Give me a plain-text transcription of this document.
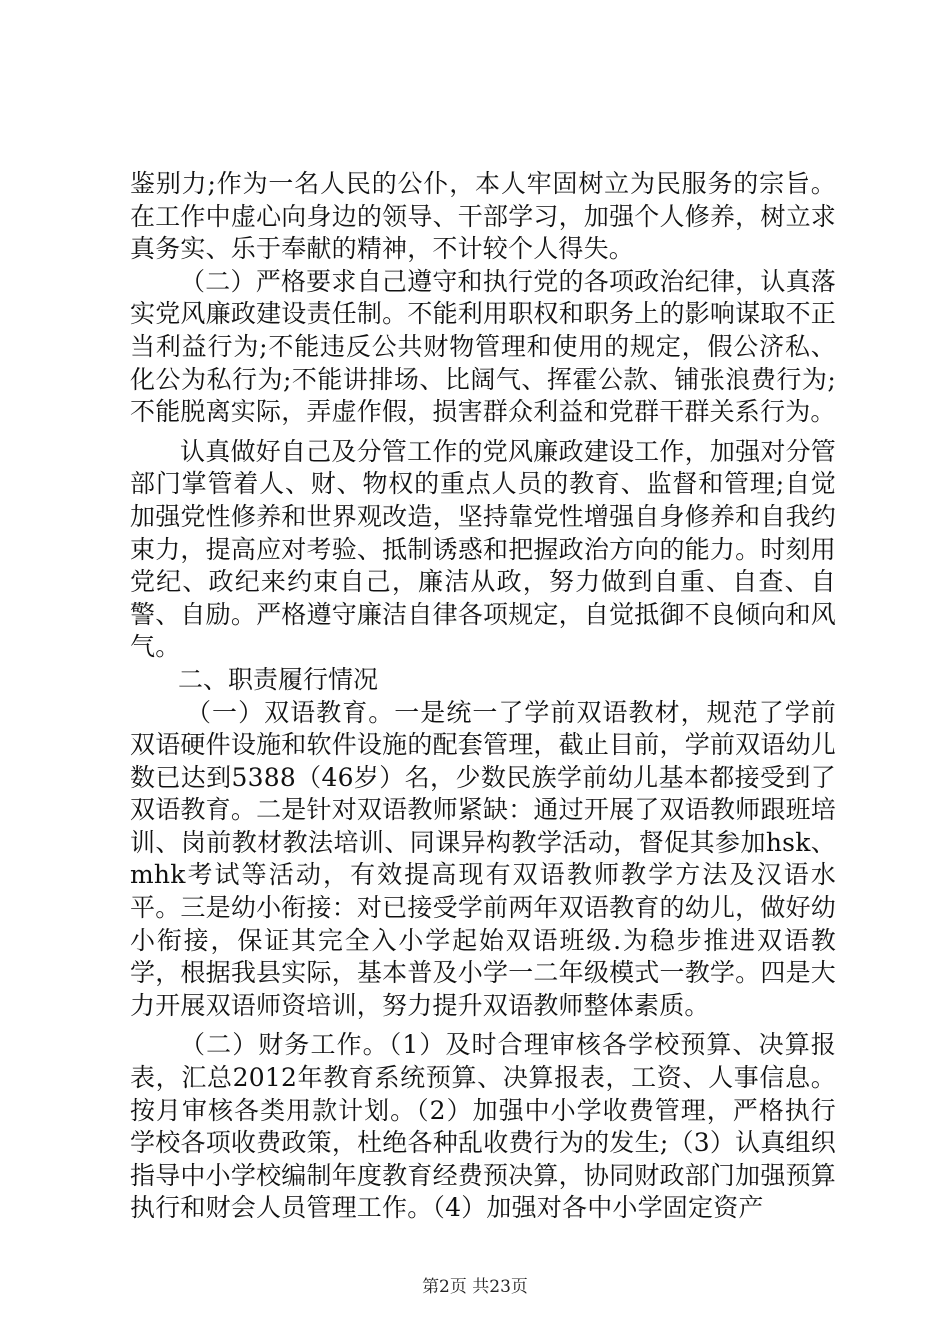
鉴别力;作为一名人民的公仆，本人牢固树立为民服务的宗旨。在工作中虚心向身边的领导、干部学习，加强个人修养，树立求真务实、乐于奉献的精神，不计较个人得失。

（二）严格要求自己遵守和执行党的各项政治纪律，认真落实党风廉政建设责任制。不能利用职权和职务上的影响谋取不正当利益行为;不能违反公共财物管理和使用的规定，假公济私、化公为私行为;不能讲排场、比阔气、挥霍公款、铺张浪费行为;不能脱离实际，弄虚作假，损害群众利益和党群干群关系行为。

认真做好自己及分管工作的党风廉政建设工作，加强对分管部门掌管着人、财、物权的重点人员的教育、监督和管理;自觉加强党性修养和世界观改造，坚持靠党性增强自身修养和自我约束力，提高应对考验、抵制诱惑和把握政治方向的能力。时刻用党纪、政纪来约束自己，廉洁从政，努力做到自重、自查、自警、自励。严格遵守廉洁自律各项规定，自觉抵御不良倾向和风气。

二、职责履行情况

（一）双语教育。一是统一了学前双语教材，规范了学前双语硬件设施和软件设施的配套管理，截止目前，学前双语幼儿数已达到5388（46岁）名，少数民族学前幼儿基本都接受到了双语教育。二是针对双语教师紧缺：通过开展了双语教师跟班培训、岗前教材教法培训、同课异构教学活动，督促其参加hsk、mhk考试等活动，有效提高现有双语教师教学方法及汉语水平。三是幼小衔接：对已接受学前两年双语教育的幼儿，做好幼小衔接，保证其完全入小学起始双语班级.为稳步推进双语教学，根据我县实际，基本普及小学一二年级模式一教学。四是大力开展双语师资培训，努力提升双语教师整体素质。

（二）财务工作。（1）及时合理审核各学校预算、决算报表，汇总2012年教育系统预算、决算报表，工资、人事信息。按月审核各类用款计划。（2）加强中小学收费管理，严格执行学校各项收费政策，杜绝各种乱收费行为的发生;（3）认真组织指导中小学校编制年度教育经费预决算，协同财政部门加强预算执行和财会人员管理工作。（4）加强对各中小学固定资产

第2页 共23页
